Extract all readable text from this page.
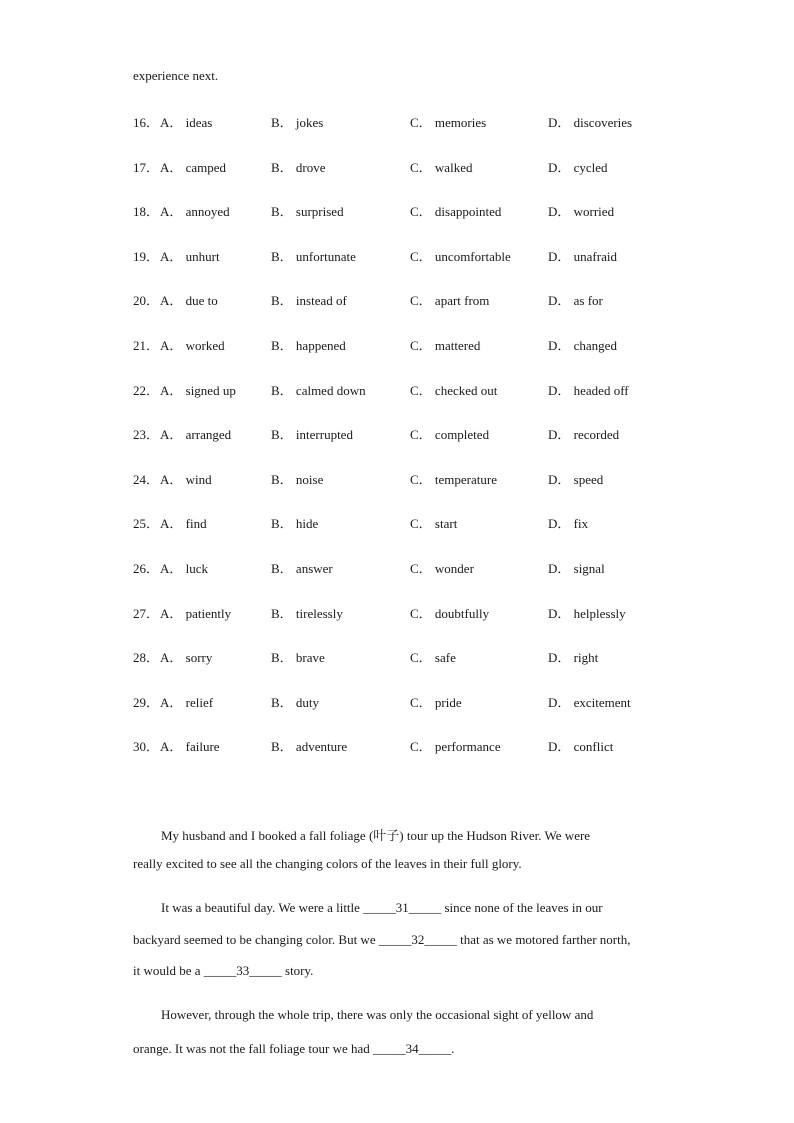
experience next.
16． A． ideas	B． jokes	C． memories	D． discoveries
17． A． camped	B． drove	C． walked	D． cycled
18． A． annoyed	B． surprised	C． disappointed	D． worried
19． A． unhurt	B． unfortunate	C． uncomfortable	D． unafraid
20． A． due to	B． instead of	C． apart from	D． as for
21． A． worked	B． happened	C． mattered	D． changed
22． A． signed up	B． calmed down	C． checked out	D． headed off
23． A． arranged	B． interrupted	C． completed	D． recorded
24． A． wind	B． noise	C． temperature	D． speed
25． A． find	B． hide	C． start	D． fix
26． A． luck	B． answer	C． wonder	D． signal
27． A． patiently	B． tirelessly	C． doubtfully	D． helplessly
28． A． sorry	B． brave	C． safe	D． right
29． A． relief	B． duty	C． pride	D． excitement
30． A． failure	B． adventure	C． performance	D． conflict
My husband and I booked a fall foliage (叶子) tour up the Hudson River. We were
really excited to see all the changing colors of the leaves in their full glory.
It was a beautiful day. We were a little _____31_____ since none of the leaves in our
backyard seemed to be changing color. But we _____32_____ that as we motored farther north,
it would be a _____33_____ story.
However, through the whole trip, there was only the occasional sight of yellow and
orange. It was not the fall foliage tour we had _____34_____.
